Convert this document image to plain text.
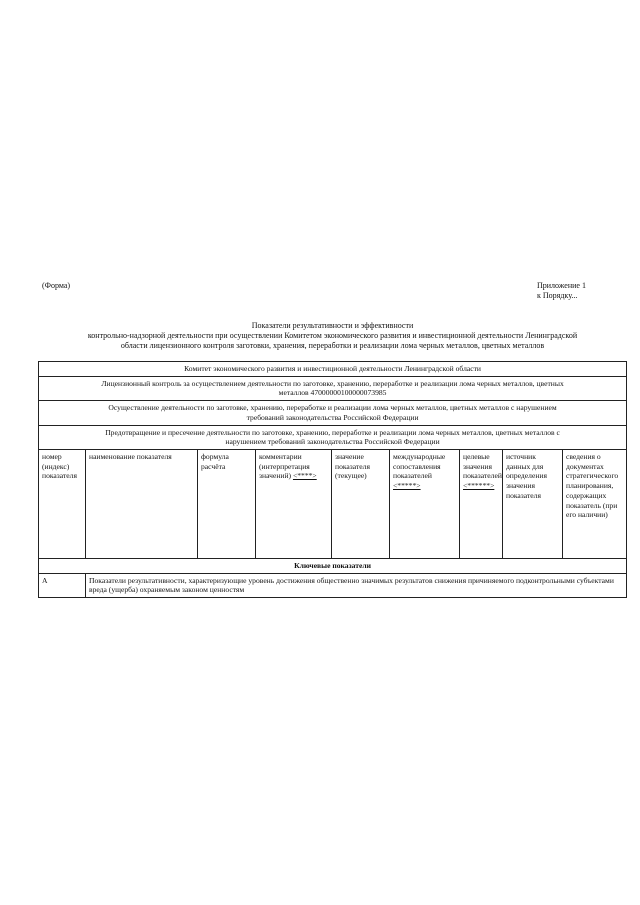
(Форма)	Приложение 1
к Порядку...
Показатели результативности и эффективности
контрольно-надзорной деятельности при осуществлении Комитетом экономического развития и инвестиционной деятельности Ленинградской
области лицензионного контроля заготовки, хранения, переработки и реализации лома черных металлов, цветных металлов
Комитет экономического развития и инвестиционной деятельности Ленинградской области								

Лицензионный контроль за осуществлением деятельности по заготовке, хранению, переработке и реализации лома черных металлов, цветных
металлов 47000000100000073985								

Осуществление деятельности по заготовке, хранению, переработке и реализации лома черных металлов, цветных металлов с нарушением
требований законодательства Российской Федерации								

Предотвращение и пресечение деятельности по заготовке, хранению, переработке и реализации лома черных металлов, цветных металлов с
нарушением требований законодательства Российской Федерации								

номер (индекс) показателя	наименование показателя	формула расчёта	комментарии (интерпретация значений) <****>	значение показателя (текущее)	международные сопоставления показателей <*****>	целевые значения показателей <******>	источник данных для определения значения показателя	сведения о документах стратегического планирования, содержащих показатель (при его наличии)
Ключевые показатели								
А	Показатели результативности, характеризующие уровень достижения общественно значимых результатов снижения причиняемого подконтрольными субъектами вреда (ущерба) охраняемым законом ценностям							
